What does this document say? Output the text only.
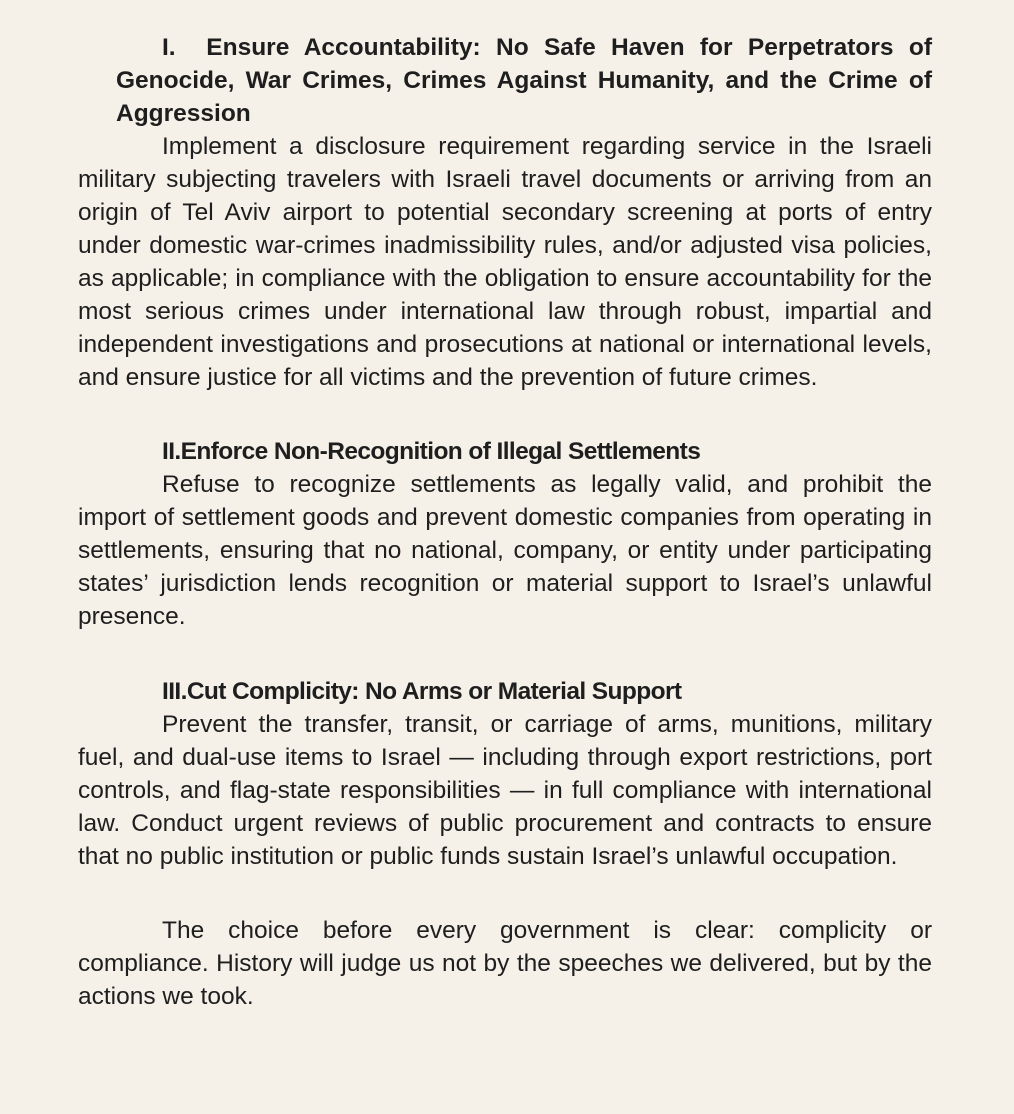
I. Ensure Accountability: No Safe Haven for Perpetrators of Genocide, War Crimes, Crimes Against Humanity, and the Crime of Aggression

Implement a disclosure requirement regarding service in the Israeli military subjecting travelers with Israeli travel documents or arriving from an origin of Tel Aviv airport to potential secondary screening at ports of entry under domestic war-crimes inadmissibility rules, and/or adjusted visa policies, as applicable; in compliance with the obligation to ensure accountability for the most serious crimes under international law through robust, impartial and independent investigations and prosecutions at national or international levels, and ensure justice for all victims and the prevention of future crimes.

II.Enforce Non-Recognition of Illegal Settlements

Refuse to recognize settlements as legally valid, and prohibit the import of settlement goods and prevent domestic companies from operating in settlements, ensuring that no national, company, or entity under participating states’ jurisdiction lends recognition or material support to Israel’s unlawful presence.

III.Cut Complicity: No Arms or Material Support

Prevent the transfer, transit, or carriage of arms, munitions, military fuel, and dual-use items to Israel — including through export restrictions, port controls, and flag-state responsibilities — in full compliance with international law. Conduct urgent reviews of public procurement and contracts to ensure that no public institution or public funds sustain Israel’s unlawful occupation.

The choice before every government is clear: complicity or compliance. History will judge us not by the speeches we delivered, but by the actions we took.
